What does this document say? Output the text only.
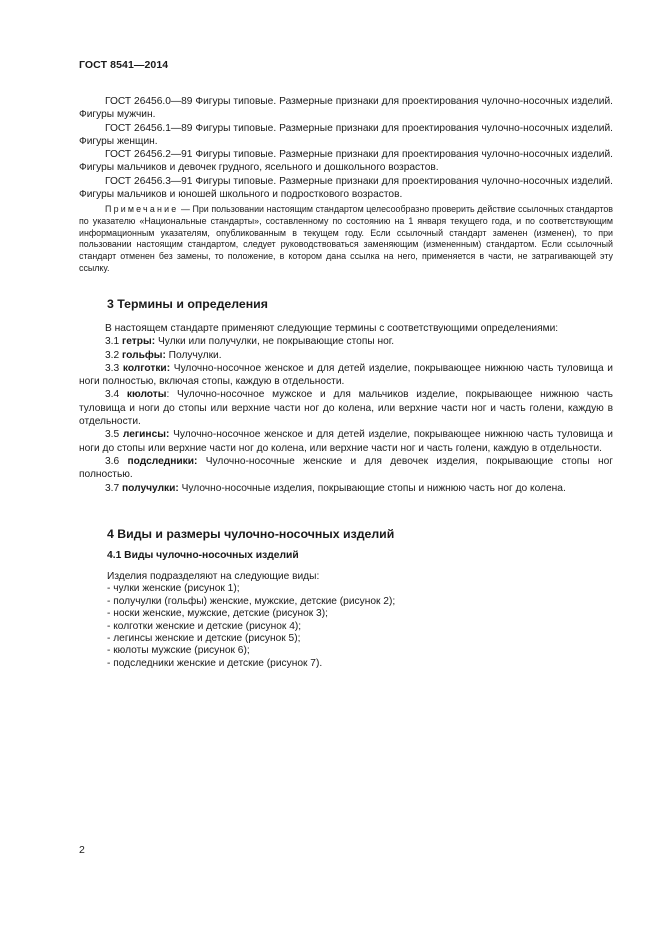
ГОСТ 8541—2014

ГОСТ 26456.0—89 Фигуры типовые. Размерные признаки для проектирования чулочно-носочных изделий. Фигуры мужчин.

ГОСТ 26456.1—89 Фигуры типовые. Размерные признаки для проектирования чулочно-носочных изделий. Фигуры женщин.

ГОСТ 26456.2—91 Фигуры типовые. Размерные признаки для проектирования чулочно-носочных изделий. Фигуры мальчиков и девочек грудного, ясельного и дошкольного возрастов.

ГОСТ 26456.3—91 Фигуры типовые. Размерные признаки для проектирования чулочно-носочных изделий. Фигуры мальчиков и юношей школьного и подросткового возрастов.

Примечание — При пользовании настоящим стандартом целесообразно проверить действие ссылочных стандартов по указателю «Национальные стандарты», составленному по состоянию на 1 января текущего года, и по соответствующим информационным указателям, опубликованным в текущем году. Если ссылочный стандарт заменен (изменен), то при пользовании настоящим стандартом, следует руководствоваться заменяющим (измененным) стандартом. Если ссылочный стандарт отменен без замены, то положение, в котором дана ссылка на него, применяется в части, не затрагивающей эту ссылку.

3 Термины и определения

В настоящем стандарте применяют следующие термины с соответствующими определениями:

3.1 гетры: Чулки или получулки, не покрывающие стопы ног.

3.2 гольфы: Получулки.

3.3 колготки: Чулочно-носочное женское и для детей изделие, покрывающее нижнюю часть туловища и ноги полностью, включая стопы, каждую в отдельности.

3.4 кюлоты: Чулочно-носочное мужское и для мальчиков изделие, покрывающее нижнюю часть туловища и ноги до стопы или верхние части ног до колена, или верхние части ног и часть голени, каждую в отдельности.

3.5 легинсы: Чулочно-носочное женское и для детей изделие, покрывающее нижнюю часть туловища и ноги до стопы или верхние части ног до колена, или верхние части ног и часть голени, каждую в отдельности.

3.6 подследники: Чулочно-носочные женские и для девочек изделия, покрывающие стопы ног полностью.

3.7 получулки: Чулочно-носочные изделия, покрывающие стопы и нижнюю часть ног до колена.

4 Виды и размеры чулочно-носочных изделий
4.1 Виды чулочно-носочных изделий
Изделия подразделяют на следующие виды:
- чулки женские (рисунок 1);
- получулки (гольфы) женские, мужские, детские (рисунок 2);
- носки женские, мужские, детские (рисунок 3);
- колготки женские и детские (рисунок 4);
- легинсы женские и детские (рисунок 5);
- кюлоты мужские (рисунок 6);
- подследники женские и детские (рисунок 7).
2
